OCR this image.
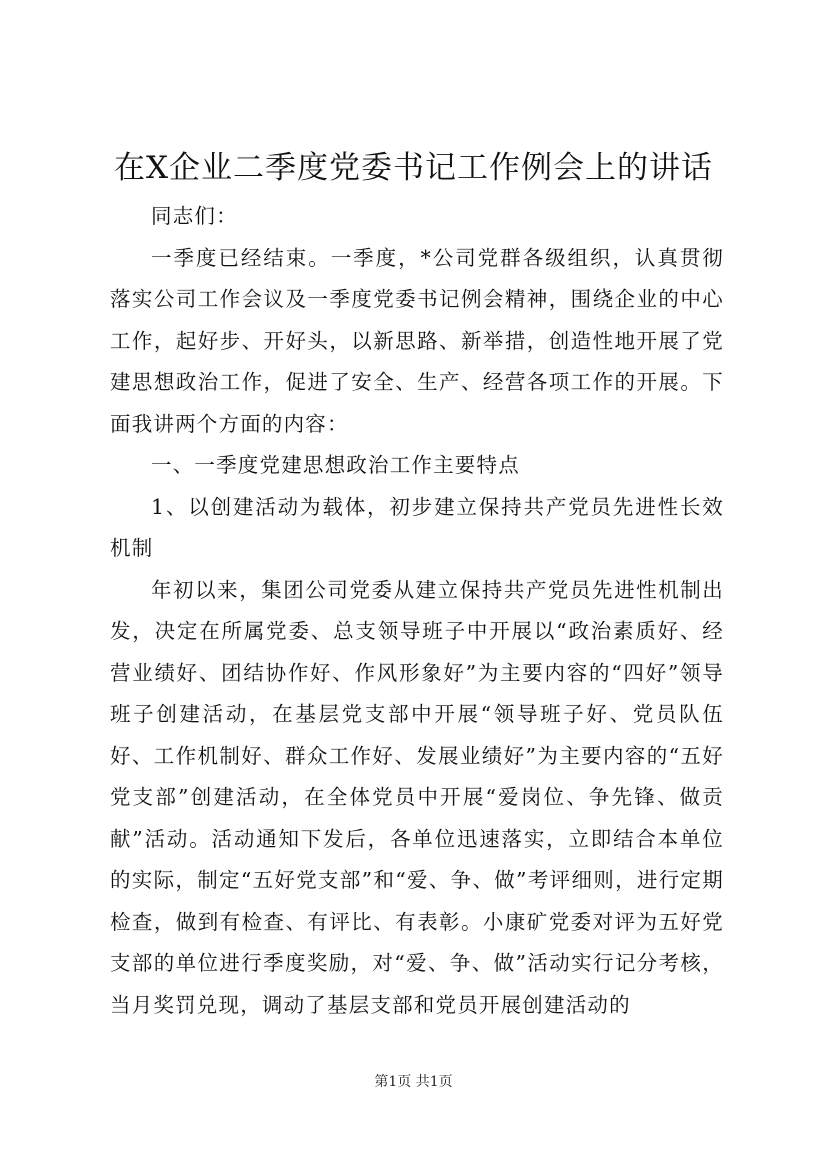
在X企业二季度党委书记工作例会上的讲话

同志们：

一季度已经结束。一季度，*公司党群各级组织，认真贯彻落实公司工作会议及一季度党委书记例会精神，围绕企业的中心工作，起好步、开好头，以新思路、新举措，创造性地开展了党建思想政治工作，促进了安全、生产、经营各项工作的开展。下面我讲两个方面的内容：

一、一季度党建思想政治工作主要特点

1、以创建活动为载体，初步建立保持共产党员先进性长效机制

年初以来，集团公司党委从建立保持共产党员先进性机制出发，决定在所属党委、总支领导班子中开展以“政治素质好、经营业绩好、团结协作好、作风形象好”为主要内容的“四好”领导班子创建活动，在基层党支部中开展“领导班子好、党员队伍好、工作机制好、群众工作好、发展业绩好”为主要内容的“五好党支部”创建活动，在全体党员中开展“爱岗位、争先锋、做贡献”活动。活动通知下发后，各单位迅速落实，立即结合本单位的实际，制定“五好党支部”和“爱、争、做”考评细则，进行定期检查，做到有检查、有评比、有表彰。小康矿党委对评为五好党支部的单位进行季度奖励，对“爱、争、做”活动实行记分考核，当月奖罚兑现，调动了基层支部和党员开展创建活动的

第1页 共1页
